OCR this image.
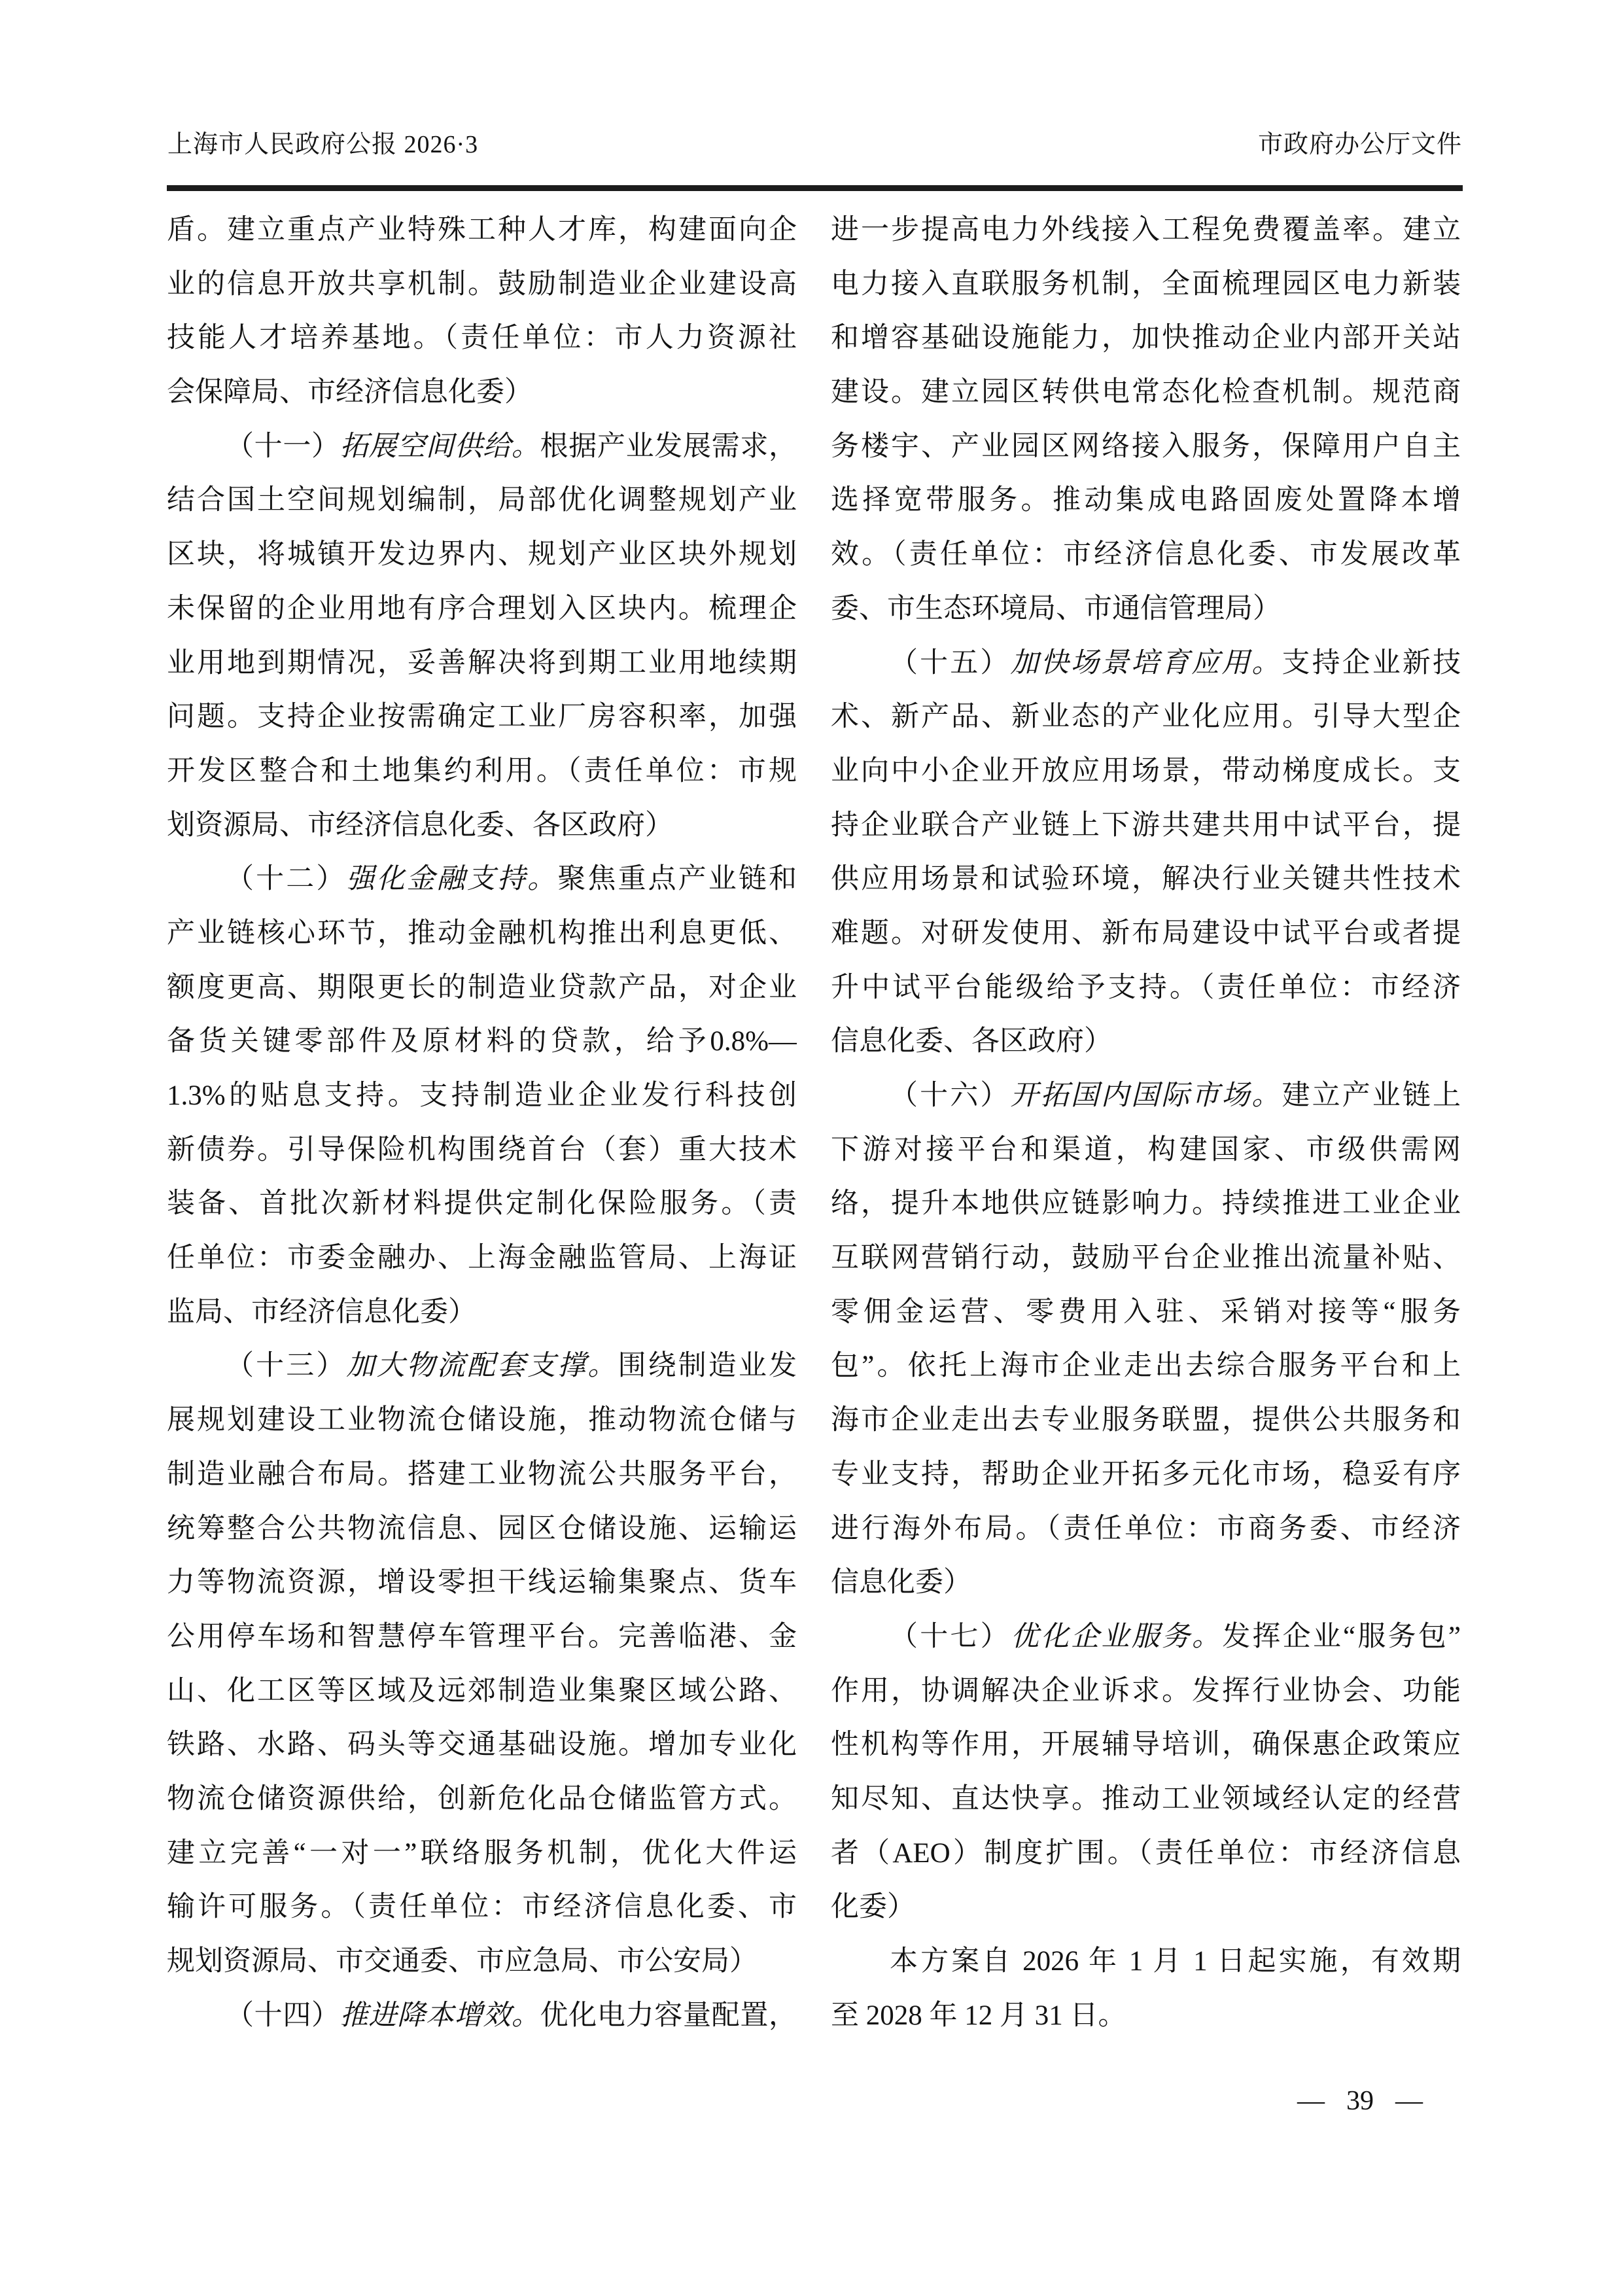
上海市人民政府公报 2026·3	市政府办公厅文件
盾。建立重点产业特殊工种人才库，构建面向企
业的信息开放共享机制。鼓励制造业企业建设高
技能人才培养基地。（责任单位：市人力资源社
会保障局、市经济信息化委）
（十一）拓展空间供给。根据产业发展需求，
结合国土空间规划编制，局部优化调整规划产业
区块，将城镇开发边界内、规划产业区块外规划
未保留的企业用地有序合理划入区块内。梳理企
业用地到期情况，妥善解决将到期工业用地续期
问题。支持企业按需确定工业厂房容积率，加强
开发区整合和土地集约利用。（责任单位：市规
划资源局、市经济信息化委、各区政府）
（十二）强化金融支持。聚焦重点产业链和
产业链核心环节，推动金融机构推出利息更低、
额度更高、期限更长的制造业贷款产品，对企业
备货关键零部件及原材料的贷款，给予0.8%—
1.3%的贴息支持。支持制造业企业发行科技创
新债券。引导保险机构围绕首台（套）重大技术
装备、首批次新材料提供定制化保险服务。（责
任单位：市委金融办、上海金融监管局、上海证
监局、市经济信息化委）
（十三）加大物流配套支撑。围绕制造业发
展规划建设工业物流仓储设施，推动物流仓储与
制造业融合布局。搭建工业物流公共服务平台，
统筹整合公共物流信息、园区仓储设施、运输运
力等物流资源，增设零担干线运输集聚点、货车
公用停车场和智慧停车管理平台。完善临港、金
山、化工区等区域及远郊制造业集聚区域公路、
铁路、水路、码头等交通基础设施。增加专业化
物流仓储资源供给，创新危化品仓储监管方式。
建立完善“一对一”联络服务机制，优化大件运
输许可服务。（责任单位：市经济信息化委、市
规划资源局、市交通委、市应急局、市公安局）
（十四）推进降本增效。优化电力容量配置，
进一步提高电力外线接入工程免费覆盖率。建立
电力接入直联服务机制，全面梳理园区电力新装
和增容基础设施能力，加快推动企业内部开关站
建设。建立园区转供电常态化检查机制。规范商
务楼宇、产业园区网络接入服务，保障用户自主
选择宽带服务。推动集成电路固废处置降本增
效。（责任单位：市经济信息化委、市发展改革
委、市生态环境局、市通信管理局）
（十五）加快场景培育应用。支持企业新技
术、新产品、新业态的产业化应用。引导大型企
业向中小企业开放应用场景，带动梯度成长。支
持企业联合产业链上下游共建共用中试平台，提
供应用场景和试验环境，解决行业关键共性技术
难题。对研发使用、新布局建设中试平台或者提
升中试平台能级给予支持。（责任单位：市经济
信息化委、各区政府）
（十六）开拓国内国际市场。建立产业链上
下游对接平台和渠道，构建国家、市级供需网
络，提升本地供应链影响力。持续推进工业企业
互联网营销行动，鼓励平台企业推出流量补贴、
零佣金运营、零费用入驻、采销对接等“服务
包”。依托上海市企业走出去综合服务平台和上
海市企业走出去专业服务联盟，提供公共服务和
专业支持，帮助企业开拓多元化市场，稳妥有序
进行海外布局。（责任单位：市商务委、市经济
信息化委）
（十七）优化企业服务。发挥企业“服务包”
作用，协调解决企业诉求。发挥行业协会、功能
性机构等作用，开展辅导培训，确保惠企政策应
知尽知、直达快享。推动工业领域经认定的经营
者（AEO）制度扩围。（责任单位：市经济信息
化委）
本方案自 2026 年 1 月 1 日起实施，有效期
至 2028 年 12 月 31 日。
— 39 —
